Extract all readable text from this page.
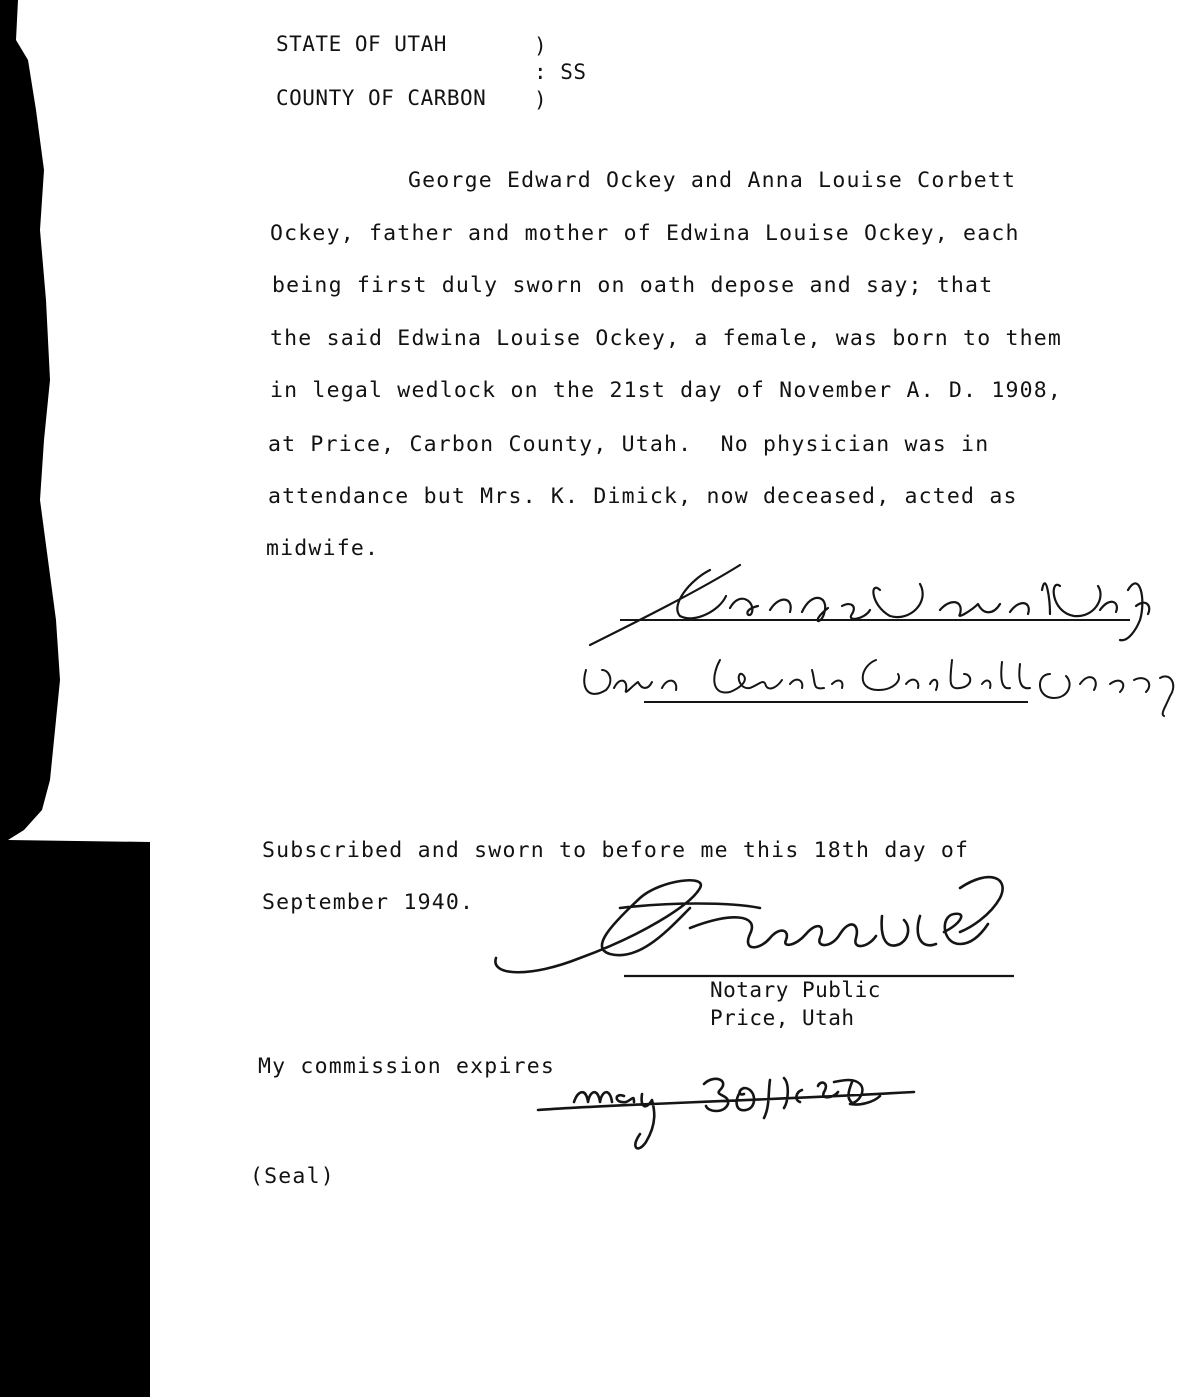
STATE OF UTAH
COUNTY OF CARBON
)
: SS
)
George Edward Ockey and Anna Louise Corbett
Ockey, father and mother of Edwina Louise Ockey, each
being first duly sworn on oath depose and say; that
the said Edwina Louise Ockey, a female, was born to them
in legal wedlock on the 21st day of November A. D. 1908,
at Price, Carbon County, Utah.  No physician was in
attendance but Mrs. K. Dimick, now deceased, acted as
midwife.
Subscribed and sworn to before me this 18th day of
September 1940.
Notary Public
Price, Utah
My commission expires
(Seal)
